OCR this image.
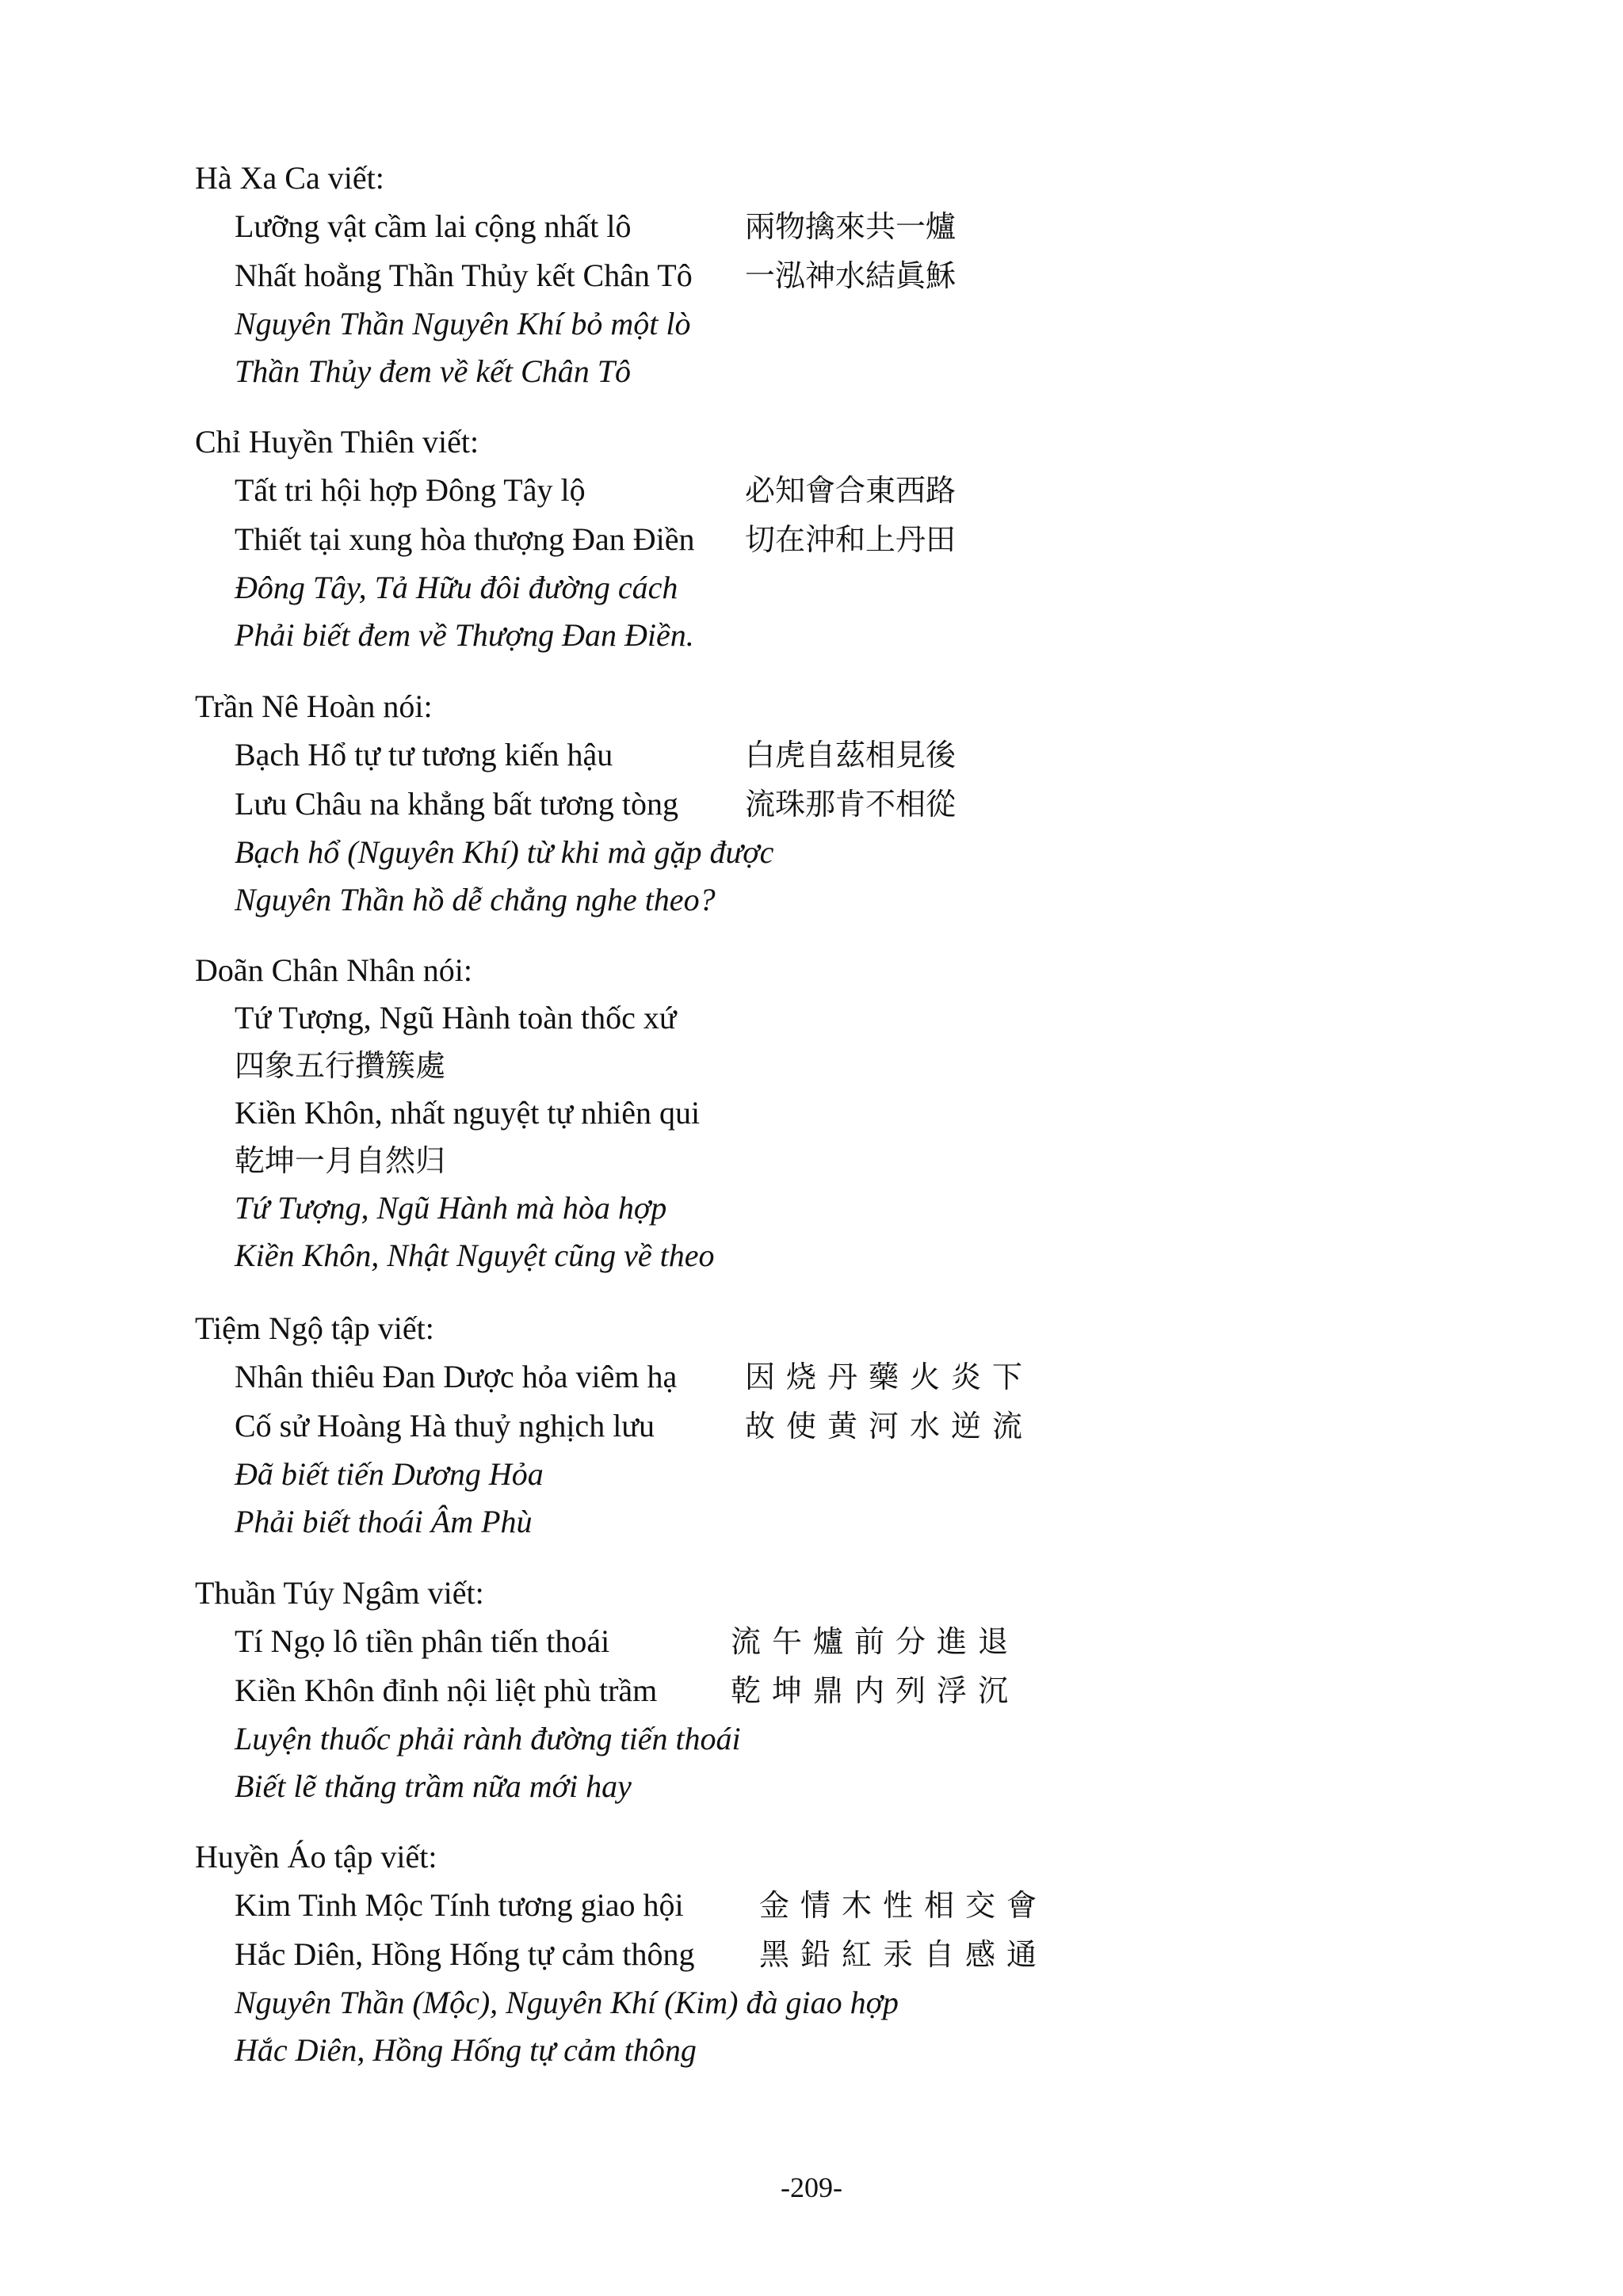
Hà Xa Ca viết:
Lưỡng vật cầm lai cộng nhất lô	兩物擒來共一爐
Nhất hoằng Thần Thủy kết Chân Tô 一泓神水結眞穌
Nguyên Thần Nguyên Khí bỏ một lò
Thần Thủy đem về kết Chân Tô
Chỉ Huyền Thiên viết:
Tất tri hội hợp Đông Tây lộ	必知會合東西路
Thiết tại xung hòa thượng Đan Điền 切在沖和上丹田
Đông Tây, Tả Hữu đôi đường cách
Phải biết đem về Thượng Đan Điền.
Trần Nê Hoàn nói:
Bạch Hổ tự tư tương kiến hậu	白虎自茲相見後
Lưu Châu na khẳng bất tương tòng 流珠那肯不相從
Bạch hổ (Nguyên Khí) từ khi mà gặp được
Nguyên Thần hồ dễ chẳng nghe theo?
Doãn Chân Nhân nói:
Tứ Tượng, Ngũ Hành toàn thốc xứ
四象五行攢簇處
Kiền Khôn, nhất nguyệt tự nhiên qui
乾坤一月自然归
Tứ Tượng, Ngũ Hành mà hòa hợp
Kiền Khôn, Nhật Nguyệt cũng về theo
Tiệm Ngộ tập viết:
Nhân thiêu Đan Dược hỏa viêm hạ 因烧丹藥火炎下
Cố sử Hoàng Hà thuỷ nghịch lưu	故使黄河水逆流
Đã biết tiến Dương Hỏa
Phải biết thoái Âm Phù
Thuần Túy Ngâm viết:
Tí Ngọ lô tiền phân tiến thoái	流午爐前分進退
Kiền Khôn đỉnh nội liệt phù trầm 乾坤鼎内列浮沉
Luyện thuốc phải rành đường tiến thoái
Biết lẽ thăng trầm nữa mới hay
Huyền Áo tập viết:
Kim Tinh Mộc Tính tương giao hội	金情木性相交會
Hắc Diên, Hồng Hống tự cảm thông 黑鉛紅汞自感通
Nguyên Thần (Mộc), Nguyên Khí (Kim) đà giao hợp
Hắc Diên, Hồng Hống tự cảm thông
-209-
